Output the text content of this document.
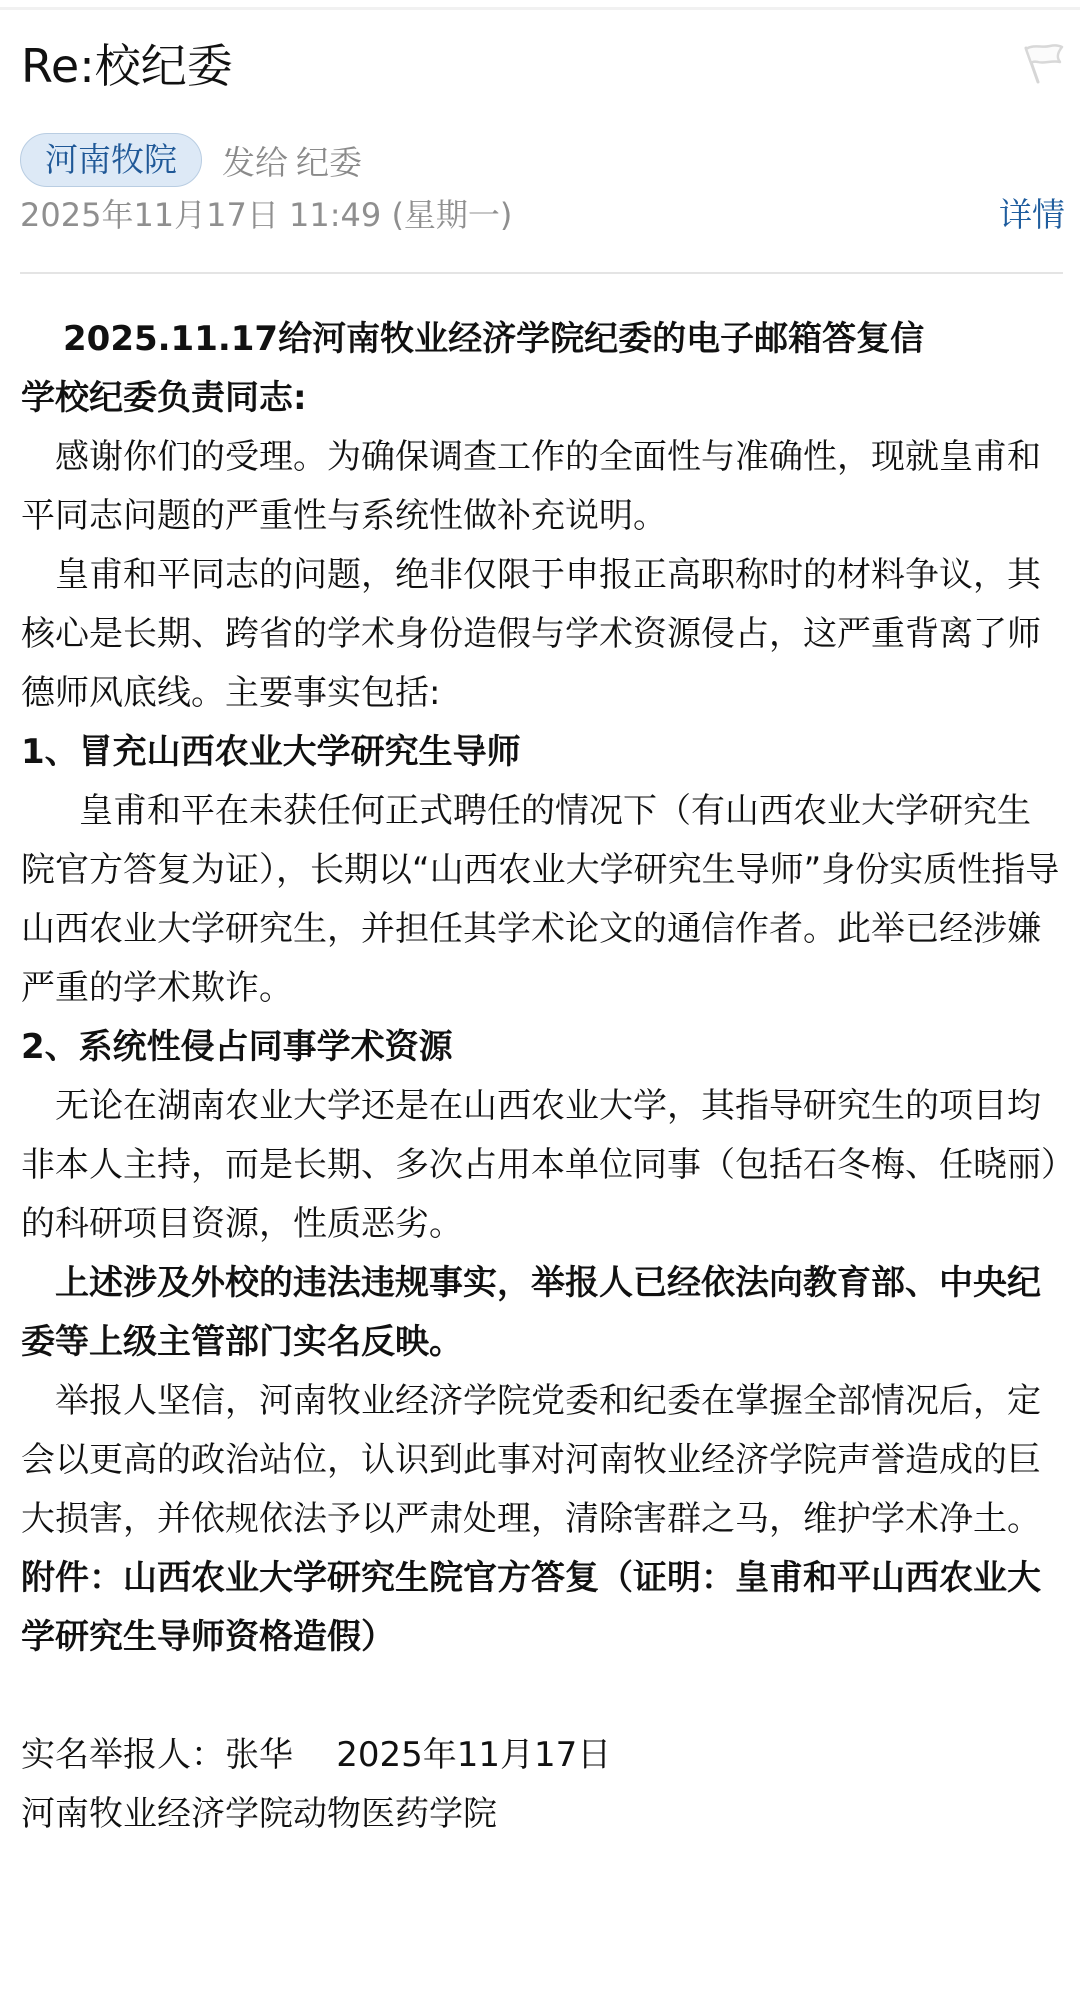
Re:校纪委
河南牧院	发给 纪委
2025年11月17日 11:49 (星期一)	详情

2025.11.17给河南牧业经济学院纪委的电子邮箱答复信

学校纪委负责同志:

感谢你们的受理。为确保调查工作的全面性与准确性，现就皇甫和平同志问题的严重性与系统性做补充说明。

皇甫和平同志的问题，绝非仅限于申报正高职称时的材料争议，其核心是长期、跨省的学术身份造假与学术资源侵占，这严重背离了师德师风底线。主要事实包括:

1、冒充山西农业大学研究生导师

皇甫和平在未获任何正式聘任的情况下（有山西农业大学研究生院官方答复为证），长期以“山西农业大学研究生导师”身份实质性指导山西农业大学研究生，并担任其学术论文的通信作者。此举已经涉嫌严重的学术欺诈。

2、系统性侵占同事学术资源

无论在湖南农业大学还是在山西农业大学，其指导研究生的项目均非本人主持，而是长期、多次占用本单位同事（包括石冬梅、任晓丽）的科研项目资源，性质恶劣。

上述涉及外校的违法违规事实，举报人已经依法向教育部、中央纪委等上级主管部门实名反映。

举报人坚信，河南牧业经济学院党委和纪委在掌握全部情况后，定会以更高的政治站位，认识到此事对河南牧业经济学院声誉造成的巨大损害，并依规依法予以严肃处理，清除害群之马，维护学术净土。

附件：山西农业大学研究生院官方答复（证明：皇甫和平山西农业大学研究生导师资格造假）

实名举报人：张华    2025年11月17日

河南牧业经济学院动物医药学院
